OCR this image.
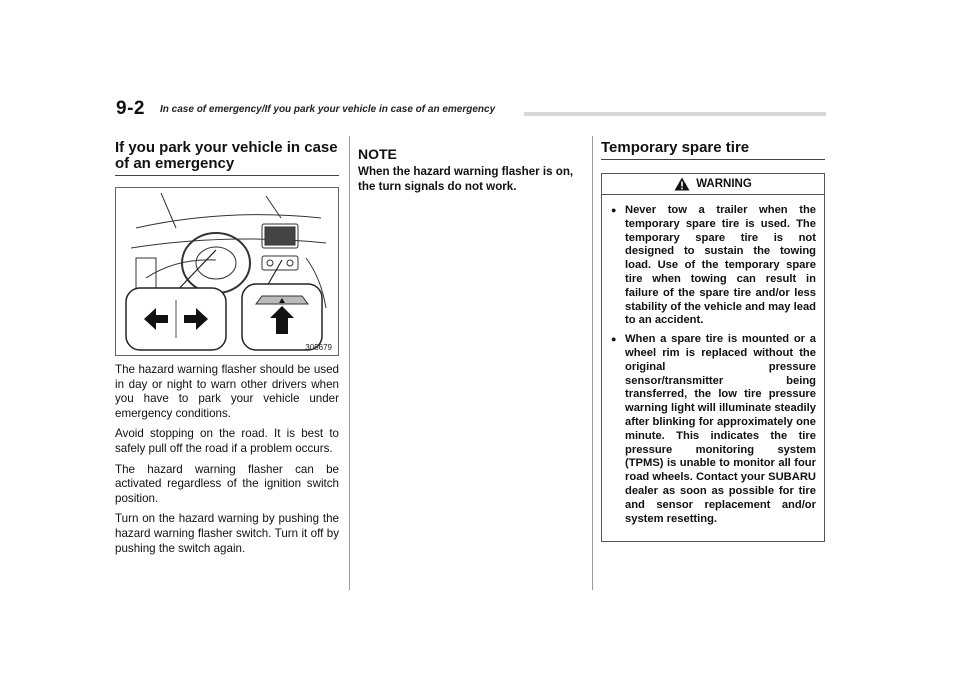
9-2 In case of emergency/If you park your vehicle in case of an emergency
If you park your vehicle in case of an emergency
305679

The hazard warning flasher should be used in day or night to warn other drivers when you have to park your vehicle under emergency conditions.

Avoid stopping on the road. It is best to safely pull off the road if a problem occurs.

The hazard warning flasher can be activated regardless of the ignition switch position.

Turn on the hazard warning by pushing the hazard warning flasher switch. Turn it off by pushing the switch again.

NOTE

When the hazard warning flasher is on, the turn signals do not work.

Temporary spare tire
WARNING
● Never tow a trailer when the temporary spare tire is used. The temporary spare tire is not designed to sustain the towing load. Use of the temporary spare tire when towing can result in failure of the spare tire and/or less stability of the vehicle and may lead to an accident.
● When a spare tire is mounted or a wheel rim is replaced without the original pressure sensor/transmitter being transferred, the low tire pressure warning light will illuminate steadily after blinking for approximately one minute. This indicates the tire pressure monitoring system (TPMS) is unable to monitor all four road wheels. Contact your SUBARU dealer as soon as possible for tire and sensor replacement and/or system resetting.
